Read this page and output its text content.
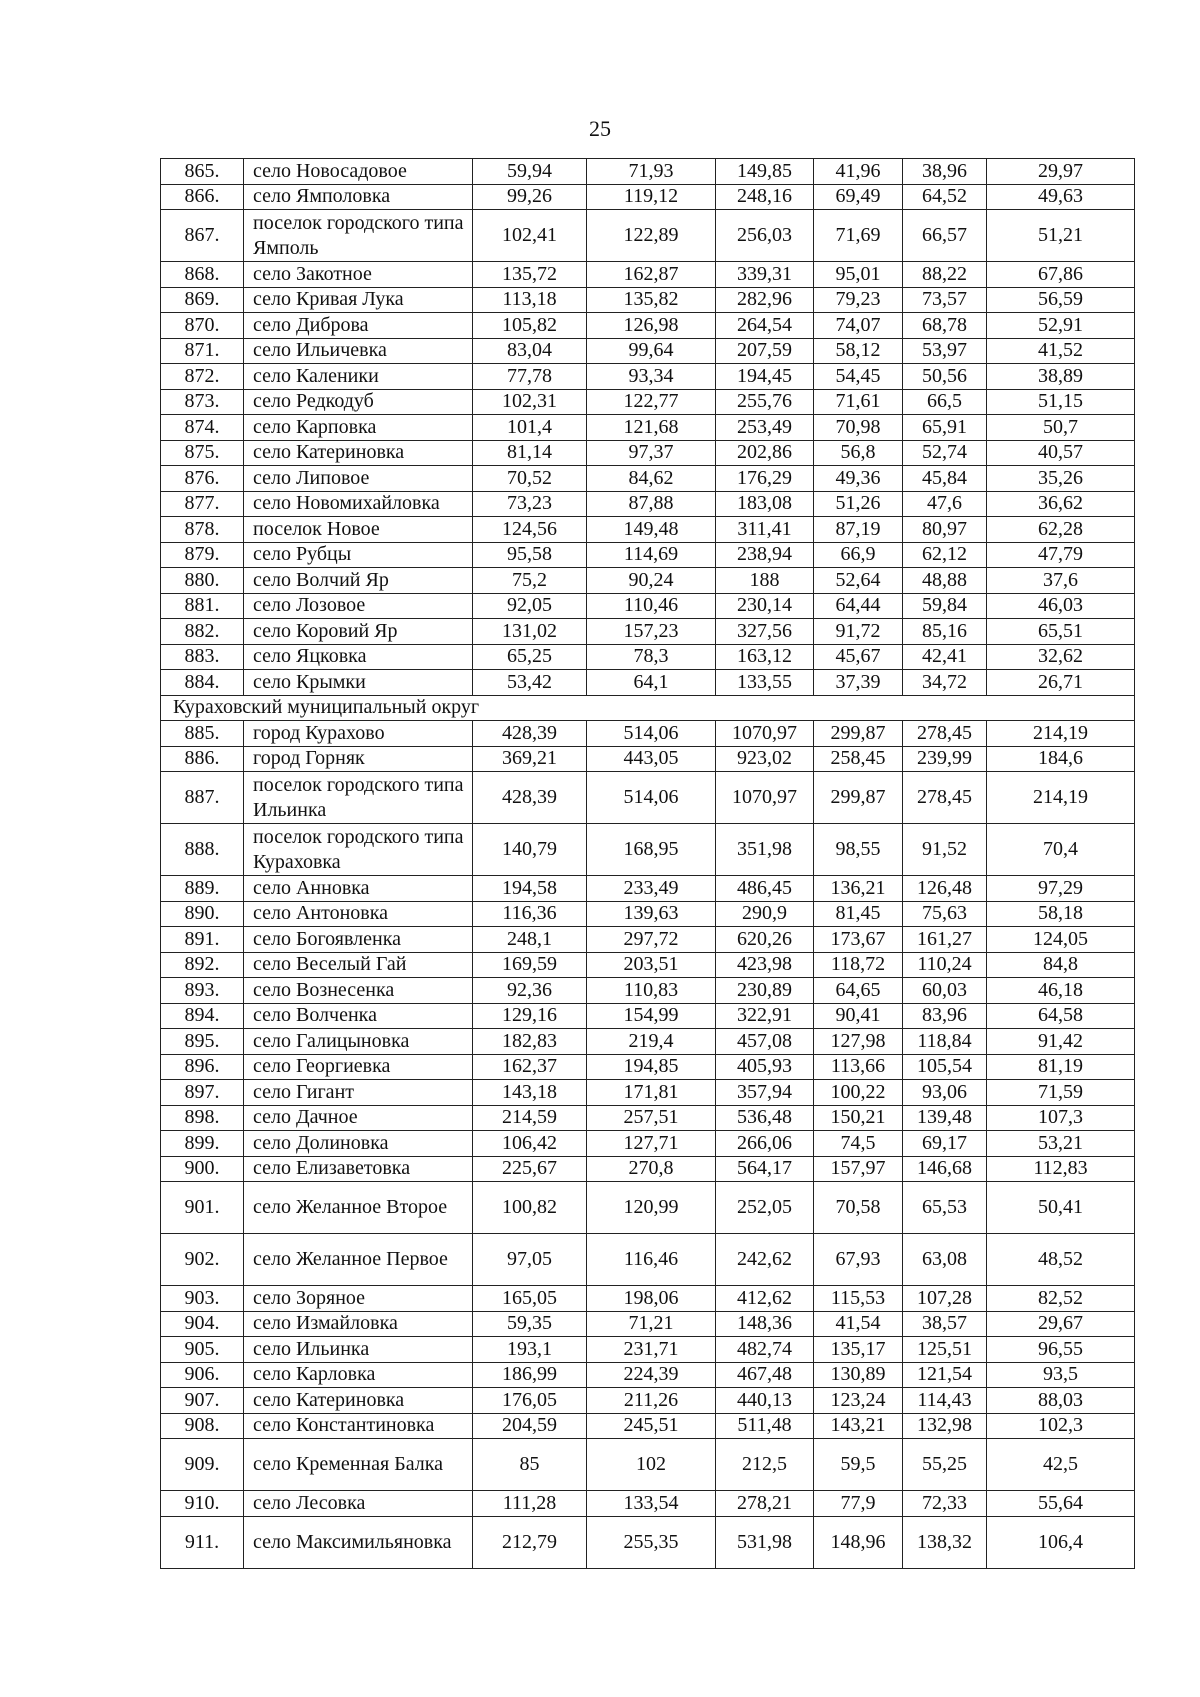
25
865.	село Новосадовое	59,94	71,93	149,85	41,96	38,96	29,97
866.	село Ямполовка	99,26	119,12	248,16	69,49	64,52	49,63
867.	поселок городского типа Ямполь	102,41	122,89	256,03	71,69	66,57	51,21
868.	село Закотное	135,72	162,87	339,31	95,01	88,22	67,86
869.	село Кривая Лука	113,18	135,82	282,96	79,23	73,57	56,59
870.	село Диброва	105,82	126,98	264,54	74,07	68,78	52,91
871.	село Ильичевка	83,04	99,64	207,59	58,12	53,97	41,52
872.	село Калeники	77,78	93,34	194,45	54,45	50,56	38,89
873.	село Редкодуб	102,31	122,77	255,76	71,61	66,5	51,15
874.	село Карповка	101,4	121,68	253,49	70,98	65,91	50,7
875.	село Катериновка	81,14	97,37	202,86	56,8	52,74	40,57
876.	село Липовое	70,52	84,62	176,29	49,36	45,84	35,26
877.	село Новомихайловка	73,23	87,88	183,08	51,26	47,6	36,62
878.	поселок Новое	124,56	149,48	311,41	87,19	80,97	62,28
879.	село Рубцы	95,58	114,69	238,94	66,9	62,12	47,79
880.	село Волчий Яр	75,2	90,24	188	52,64	48,88	37,6
881.	село Лозовое	92,05	110,46	230,14	64,44	59,84	46,03
882.	село Коровий Яр	131,02	157,23	327,56	91,72	85,16	65,51
883.	село Яцковка	65,25	78,3	163,12	45,67	42,41	32,62
884.	село Крымки	53,42	64,1	133,55	37,39	34,72	26,71
Кураховский муниципальный округ							
885.	город Курахово	428,39	514,06	1070,97	299,87	278,45	214,19
886.	город Горняк	369,21	443,05	923,02	258,45	239,99	184,6
887.	поселок городского типа Ильинка	428,39	514,06	1070,97	299,87	278,45	214,19
888.	поселок городского типа Кураховка	140,79	168,95	351,98	98,55	91,52	70,4
889.	село Анновка	194,58	233,49	486,45	136,21	126,48	97,29
890.	село Антоновка	116,36	139,63	290,9	81,45	75,63	58,18
891.	село Богоявленка	248,1	297,72	620,26	173,67	161,27	124,05
892.	село Веселый Гай	169,59	203,51	423,98	118,72	110,24	84,8
893.	село Вознесенка	92,36	110,83	230,89	64,65	60,03	46,18
894.	село Волченка	129,16	154,99	322,91	90,41	83,96	64,58
895.	село Галицыновка	182,83	219,4	457,08	127,98	118,84	91,42
896.	село Георгиевка	162,37	194,85	405,93	113,66	105,54	81,19
897.	село Гигант	143,18	171,81	357,94	100,22	93,06	71,59
898.	село Дачное	214,59	257,51	536,48	150,21	139,48	107,3
899.	село Долиновка	106,42	127,71	266,06	74,5	69,17	53,21
900.	село Елизаветовка	225,67	270,8	564,17	157,97	146,68	112,83
901.	село Желанное Второе	100,82	120,99	252,05	70,58	65,53	50,41
902.	село Желанное Первое	97,05	116,46	242,62	67,93	63,08	48,52
903.	село Зоряное	165,05	198,06	412,62	115,53	107,28	82,52
904.	село Измайловка	59,35	71,21	148,36	41,54	38,57	29,67
905.	село Ильинка	193,1	231,71	482,74	135,17	125,51	96,55
906.	село Карловка	186,99	224,39	467,48	130,89	121,54	93,5
907.	село Катериновка	176,05	211,26	440,13	123,24	114,43	88,03
908.	село Константиновка	204,59	245,51	511,48	143,21	132,98	102,3
909.	село Кременная Балка	85	102	212,5	59,5	55,25	42,5
910.	село Лесовка	111,28	133,54	278,21	77,9	72,33	55,64
911.	село Максимильяновка	212,79	255,35	531,98	148,96	138,32	106,4
